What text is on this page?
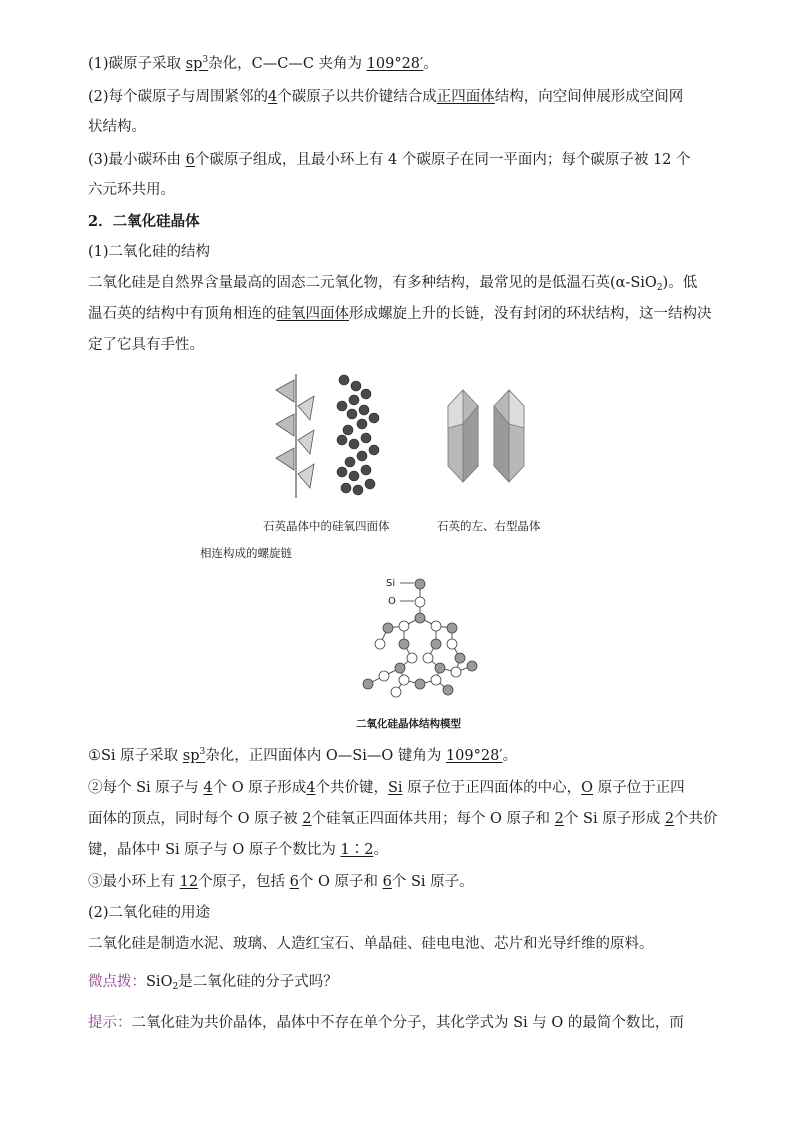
(1)碳原子采取 $sp^3$杂化，C—C—C 夹角为 109°28′。
(2)每个碳原子与周围紧邻的4个碳原子以共价键结合成正四面体结构，向空间伸展形成空间网
状结构。
(3)最小碳环由 6个碳原子组成，且最小环上有 4 个碳原子在同一平面内；每个碳原子被 12 个
六元环共用。
2．二氧化硅晶体
(1)二氧化硅的结构
二氧化硅是自然界含量最高的固态二元氧化物，有多种结构，最常见的是低温石英(α-SiO$_2$)。低
温石英的结构中有顶角相连的硅氧四面体形成螺旋上升的长链，没有封闭的环状结构，这一结构决
定了它具有手性。
石英晶体中的硅氧四面体	石英的左、右型晶体
相连构成的螺旋链
Si
O
二氧化硅晶体结构模型
①Si 原子采取 $sp^3$杂化，正四面体内 O—Si—O 键角为 109°28′。
②每个 Si 原子与 4个 O 原子形成4个共价键，Si 原子位于正四面体的中心，O 原子位于正四
面体的顶点，同时每个 O 原子被 2个硅氧正四面体共用；每个 O 原子和 2个 Si 原子形成 2个共价
键，晶体中 Si 原子与 O 原子个数比为 1∶2。
③最小环上有 12个原子，包括 6个 O 原子和 6个 Si 原子。
(2)二氧化硅的用途
二氧化硅是制造水泥、玻璃、人造红宝石、单晶硅、硅电电池、芯片和光导纤维的原料。
微点拨：SiO$_2$是二氧化硅的分子式吗？
提示：二氧化硅为共价晶体，晶体中不存在单个分子，其化学式为 Si 与 O 的最简个数比，而
